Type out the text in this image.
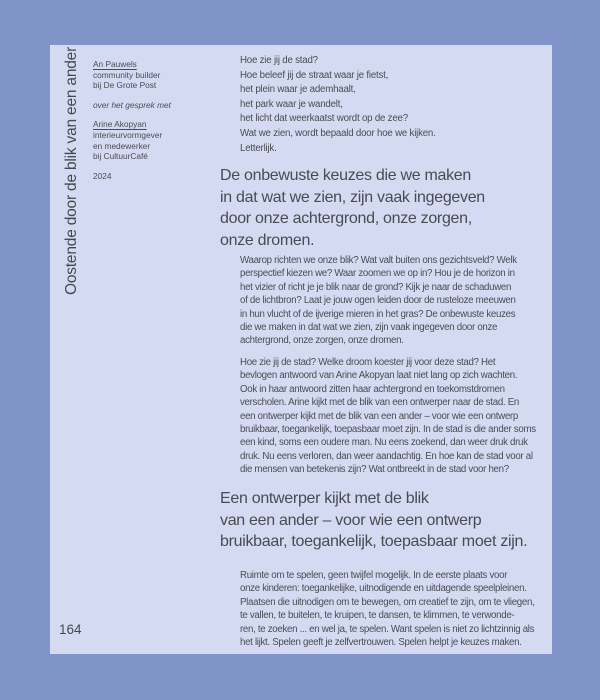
Oostende door de blik van een ander An Pauwels
community builder
bij De Grote Post
over het gesprek met
Arine Akopyan
interieurvormgever
en medewerker
bij CultuurCafé
2024
Hoe zie jij de stad?
Hoe beleef jij de straat waar je fietst,
het plein waar je ademhaalt,
het park waar je wandelt,
het licht dat weerkaatst wordt op de zee?
Wat we zien, wordt bepaald door hoe we kijken.
Letterlijk.
De onbewuste keuzes die we maken
in dat wat we zien, zijn vaak ingegeven
door onze achtergrond, onze zorgen,
onze dromen.
Waarop richten we onze blik? Wat valt buiten ons gezichtsveld? Welk
perspectief kiezen we? Waar zoomen we op in? Hou je de horizon in
het vizier of richt je je blik naar de grond? Kijk je naar de schaduwen
of de lichtbron? Laat je jouw ogen leiden door de rusteloze meeuwen
in hun vlucht of de ijverige mieren in het gras? De onbewuste keuzes
die we maken in dat wat we zien, zijn vaak ingegeven door onze
achtergrond, onze zorgen, onze dromen.
Hoe zie jij de stad? Welke droom koester jij voor deze stad? Het
bevlogen antwoord van Arine Akopyan laat niet lang op zich wachten.
Ook in haar antwoord zitten haar achtergrond en toekomstdromen
verscholen. Arine kijkt met de blik van een ontwerper naar de stad. En
een ontwerper kijkt met de blik van een ander – voor wie een ontwerp
bruikbaar, toegankelijk, toepasbaar moet zijn. In de stad is die ander soms
een kind, soms een oudere man. Nu eens zoekend, dan weer druk druk
druk. Nu eens verloren, dan weer aandachtig. En hoe kan de stad voor al
die mensen van betekenis zijn? Wat ontbreekt in de stad voor hen?
Een ontwerper kijkt met de blik
van een ander – voor wie een ontwerp
bruikbaar, toegankelijk, toepasbaar moet zijn.
Ruimte om te spelen, geen twijfel mogelijk. In de eerste plaats voor
onze kinderen: toegankelijke, uitnodigende en uitdagende speelpleinen.
Plaatsen die uitnodigen om te bewegen, om creatief te zijn, om te vliegen,
te vallen, te buitelen, te kruipen, te dansen, te klimmen, te verwonde-
ren, te zoeken ... en wel ja, te spelen. Want spelen is niet zo lichtzinnig als
het lijkt. Spelen geeft je zelfvertrouwen. Spelen helpt je keuzes maken.
164
